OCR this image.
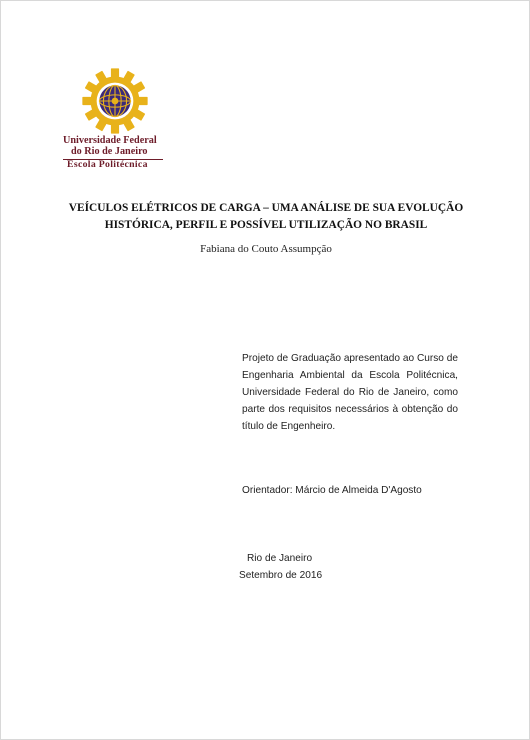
Universidade Federal
do Rio de Janeiro
Escola Politécnica
VEÍCULOS ELÉTRICOS DE CARGA – UMA ANÁLISE DE SUA EVOLUÇÃO
HISTÓRICA, PERFIL E POSSÍVEL UTILIZAÇÃO NO BRASIL
Fabiana do Couto Assumpção
Projeto de Graduação apresentado ao Curso de Engenharia Ambiental da Escola Politécnica, Universidade Federal do Rio de Janeiro, como parte dos requisitos necessários à obtenção do título de Engenheiro.
Orientador: Márcio de Almeida D'Agosto
Rio de Janeiro
Setembro de 2016
